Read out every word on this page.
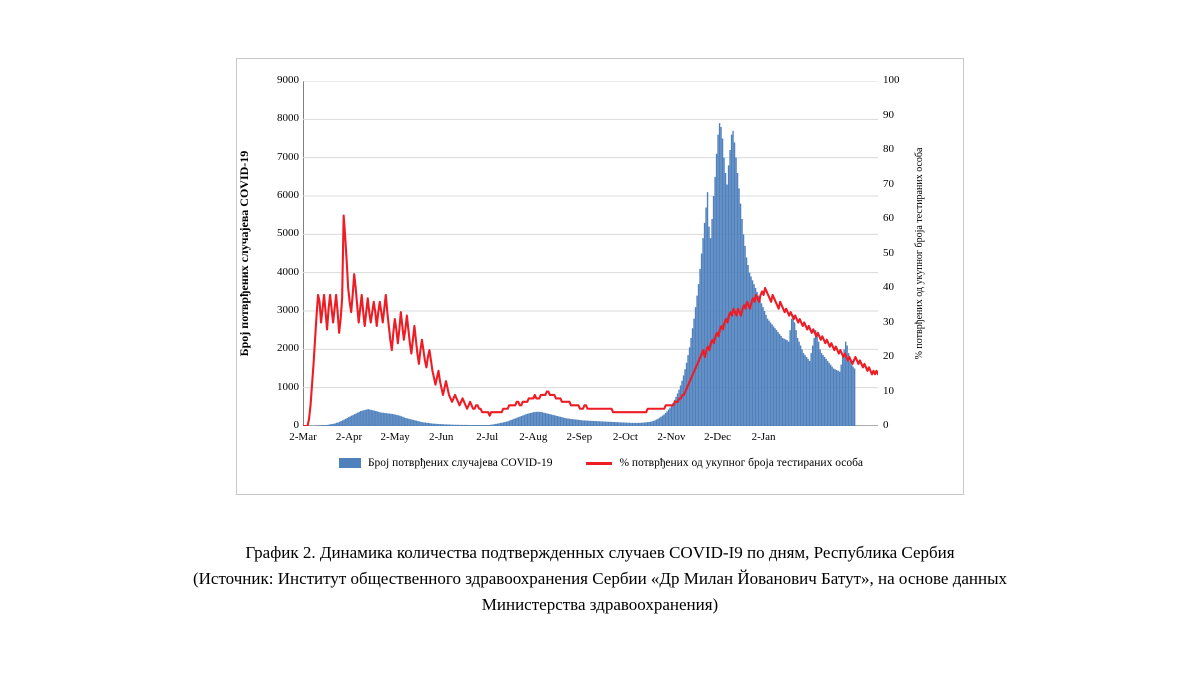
0
1000
2000
3000
4000
5000
6000
7000
8000
9000
0
10
20
30
40
50
60
70
80
90
100
2-Mar 2-Apr 2-May 2-Jun 2-Jul 2-Aug 2-Sep 2-Oct 2-Nov 2-Dec 2-Jan
Број потврђених случајева COVID-19	% потврђених од укупног броја тестираних особа
Број потврђених случајева COVID-19	% потврђених од укупног броја тестираних особа
График 2. Динамика количества подтвержденных случаев COVID-I9 по дням, Республика Сербия
(Источник: Институт общественного здравоохранения Сербии «Др Милан Йованович Батут», на основе данных
Министерства здравоохранения)
